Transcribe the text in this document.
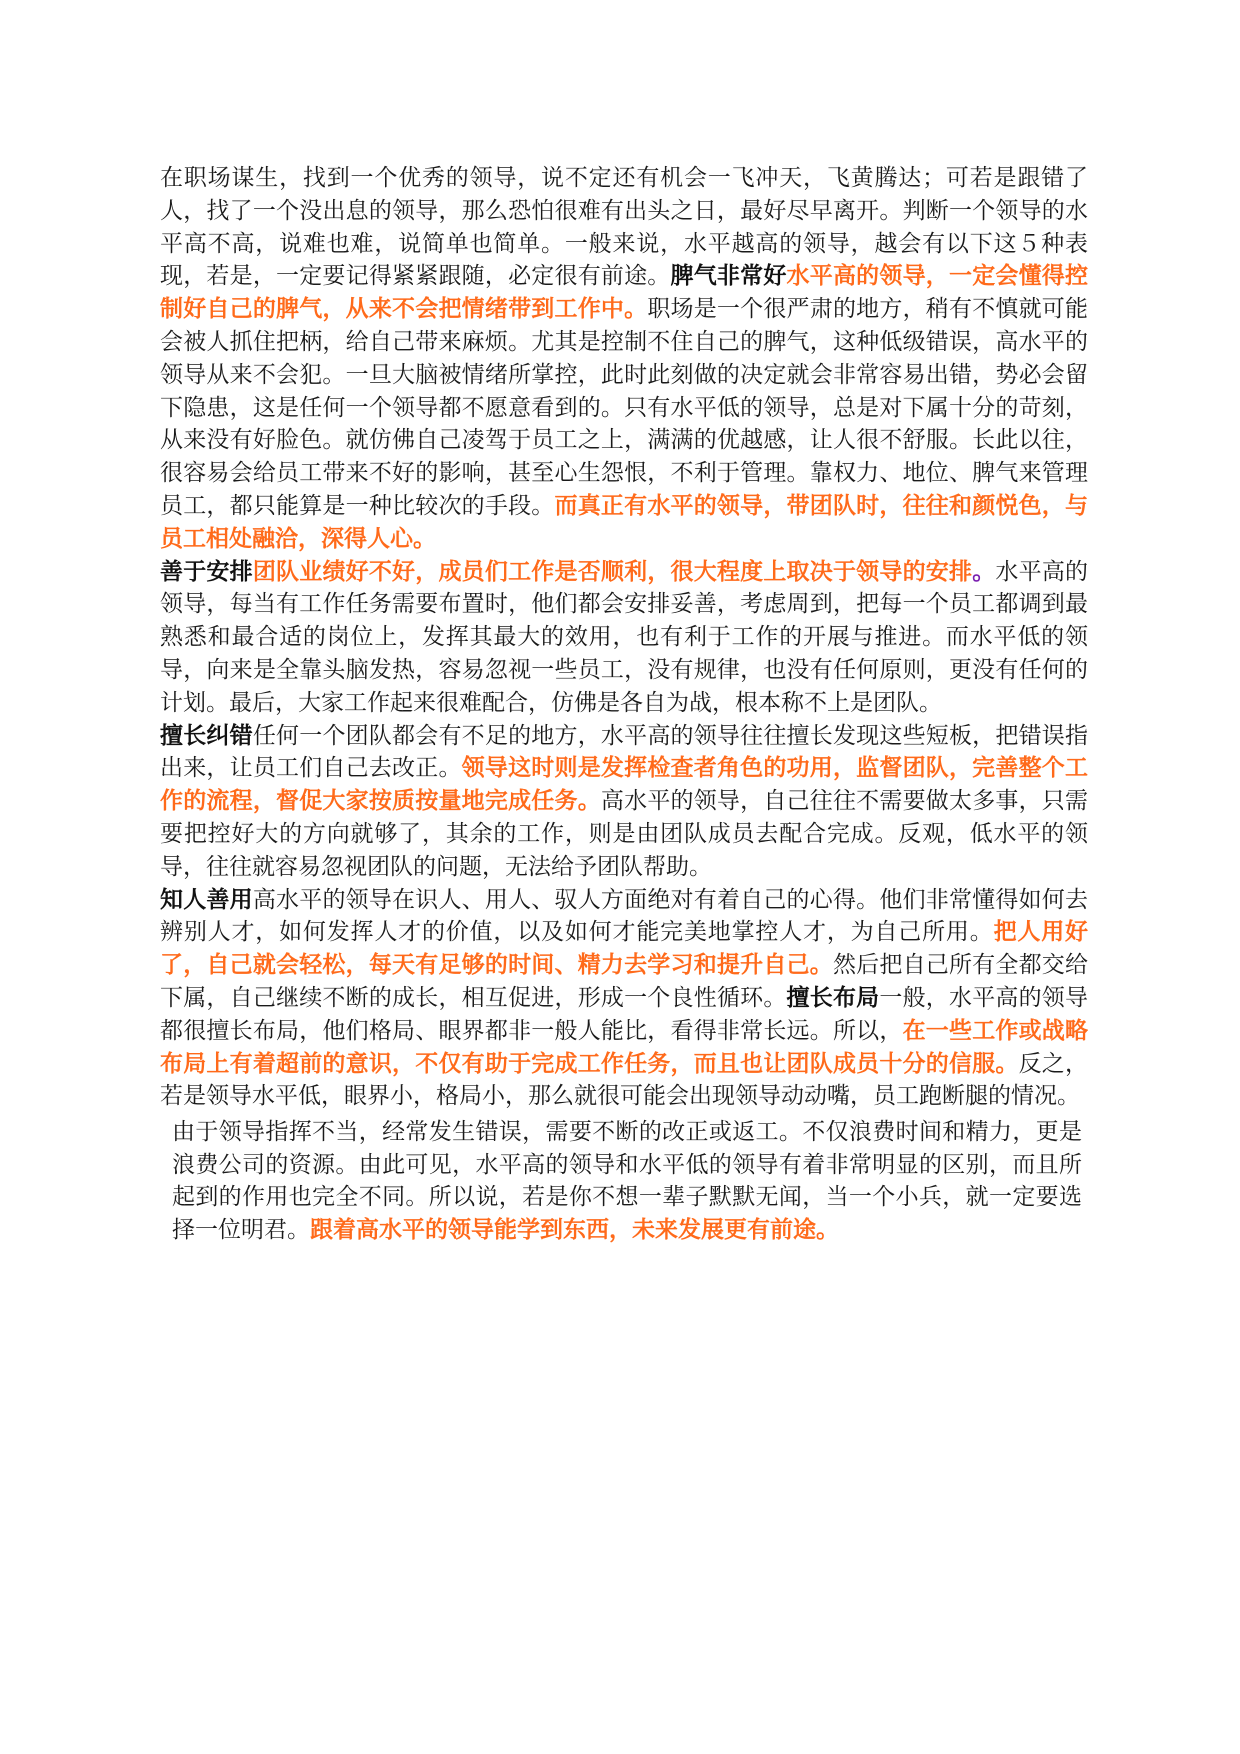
在职场谋生，找到一个优秀的领导，说不定还有机会一飞冲天，飞黄腾达；可若是跟错了人，找了一个没出息的领导，那么恐怕很难有出头之日，最好尽早离开。判断一个领导的水平高不高，说难也难，说简单也简单。一般来说，水平越高的领导，越会有以下这５种表现，若是，一定要记得紧紧跟随，必定很有前途。脾气非常好水平高的领导，一定会懂得控制好自己的脾气，从来不会把情绪带到工作中。职场是一个很严肃的地方，稍有不慎就可能会被人抓住把柄，给自己带来麻烦。尤其是控制不住自己的脾气，这种低级错误，高水平的领导从来不会犯。一旦大脑被情绪所掌控，此时此刻做的决定就会非常容易出错，势必会留下隐患，这是任何一个领导都不愿意看到的。只有水平低的领导，总是对下属十分的苛刻，从来没有好脸色。就仿佛自己凌驾于员工之上，满满的优越感，让人很不舒服。长此以往，很容易会给员工带来不好的影响，甚至心生怨恨，不利于管理。靠权力、地位、脾气来管理员工，都只能算是一种比较次的手段。而真正有水平的领导，带团队时，往往和颜悦色，与员工相处融洽，深得人心。

善于安排团队业绩好不好，成员们工作是否顺利，很大程度上取决于领导的安排。水平高的领导，每当有工作任务需要布置时，他们都会安排妥善，考虑周到，把每一个员工都调到最熟悉和最合适的岗位上，发挥其最大的效用，也有利于工作的开展与推进。而水平低的领导，向来是全靠头脑发热，容易忽视一些员工，没有规律，也没有任何原则，更没有任何的计划。最后，大家工作起来很难配合，仿佛是各自为战，根本称不上是团队。

擅长纠错任何一个团队都会有不足的地方，水平高的领导往往擅长发现这些短板，把错误指出来，让员工们自己去改正。领导这时则是发挥检查者角色的功用，监督团队，完善整个工作的流程，督促大家按质按量地完成任务。高水平的领导，自己往往不需要做太多事，只需要把控好大的方向就够了，其余的工作，则是由团队成员去配合完成。反观，低水平的领导，往往就容易忽视团队的问题，无法给予团队帮助。

知人善用高水平的领导在识人、用人、驭人方面绝对有着自己的心得。他们非常懂得如何去辨别人才，如何发挥人才的价值，以及如何才能完美地掌控人才，为自己所用。把人用好了，自己就会轻松，每天有足够的时间、精力去学习和提升自己。然后把自己所有全都交给下属，自己继续不断的成长，相互促进，形成一个良性循环。擅长布局一般，水平高的领导都很擅长布局，他们格局、眼界都非一般人能比，看得非常长远。所以，在一些工作或战略布局上有着超前的意识，不仅有助于完成工作任务，而且也让团队成员十分的信服。反之，若是领导水平低，眼界小，格局小，那么就很可能会出现领导动动嘴，员工跑断腿的情况。

由于领导指挥不当，经常发生错误，需要不断的改正或返工。不仅浪费时间和精力，更是浪费公司的资源。由此可见，水平高的领导和水平低的领导有着非常明显的区别，而且所起到的作用也完全不同。所以说，若是你不想一辈子默默无闻，当一个小兵，就一定要选择一位明君。跟着高水平的领导能学到东西，未来发展更有前途。
